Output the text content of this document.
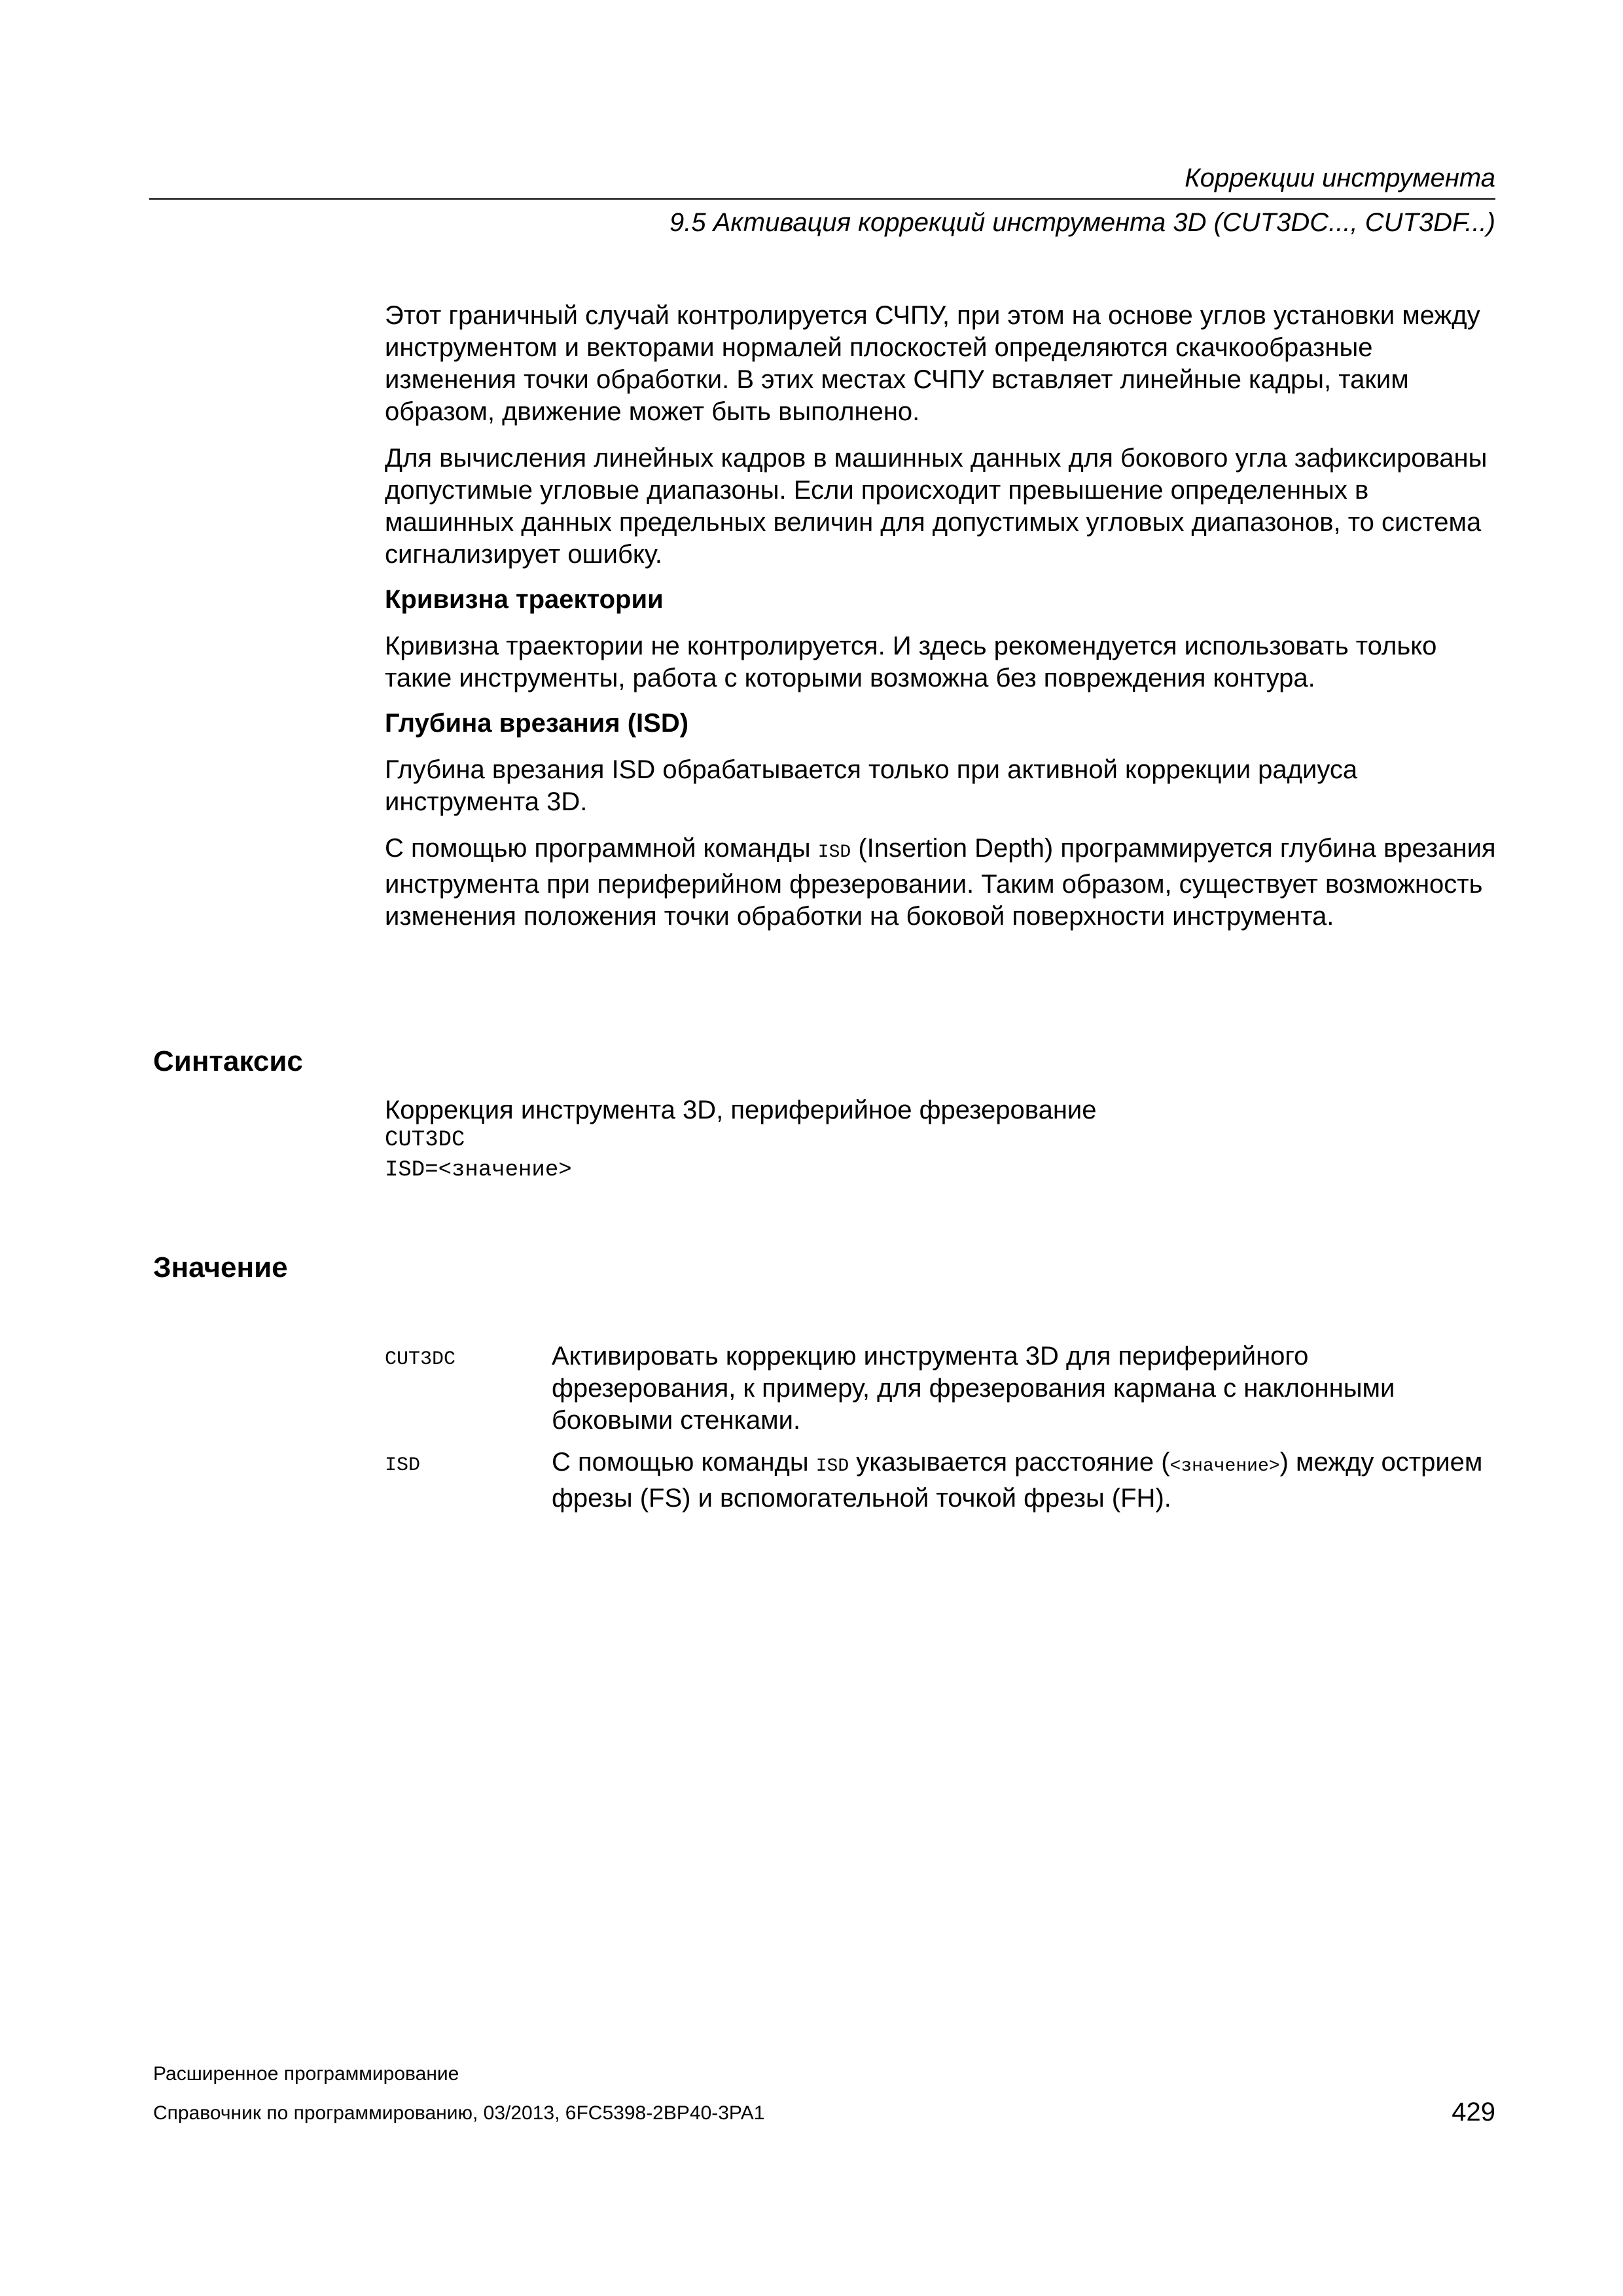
Коррекции инструмента
9.5 Активация коррекций инструмента 3D (CUT3DC..., CUT3DF...)

Этот граничный случай контролируется СЧПУ, при этом на основе углов установки между инструментом и векторами нормалей плоскостей определяются скачкообразные изменения точки обработки. В этих местах СЧПУ вставляет линейные кадры, таким образом, движение может быть выполнено.

Для вычисления линейных кадров в машинных данных для бокового угла зафиксированы допустимые угловые диапазоны. Если происходит превышение определенных в машинных данных предельных величин для допустимых угловых диапазонов, то система сигнализирует ошибку.

Кривизна траектории

Кривизна траектории не контролируется. И здесь рекомендуется использовать только такие инструменты, работа с которыми возможна без повреждения контура.

Глубина врезания (ISD)

Глубина врезания ISD обрабатывается только при активной коррекции радиуса инструмента 3D.

С помощью программной команды ISD (Insertion Depth) программируется глубина врезания инструмента при периферийном фрезеровании. Таким образом, существует возможность изменения положения точки обработки на боковой поверхности инструмента.

Синтаксис
Коррекция инструмента 3D, периферийное фрезерование
CUT3DC
ISD=<значение>
Значение
CUT3DC	Активировать коррекцию инструмента 3D для периферийного фрезерования, к примеру, для фрезерования кармана с наклонными боковыми стенками.
ISD	С помощью команды ISD указывается расстояние (<значение>) между острием фрезы (FS) и вспомогательной точкой фрезы (FH).
Расширенное программирование
Справочник по программированию, 03/2013, 6FC5398-2BP40-3PA1	429
